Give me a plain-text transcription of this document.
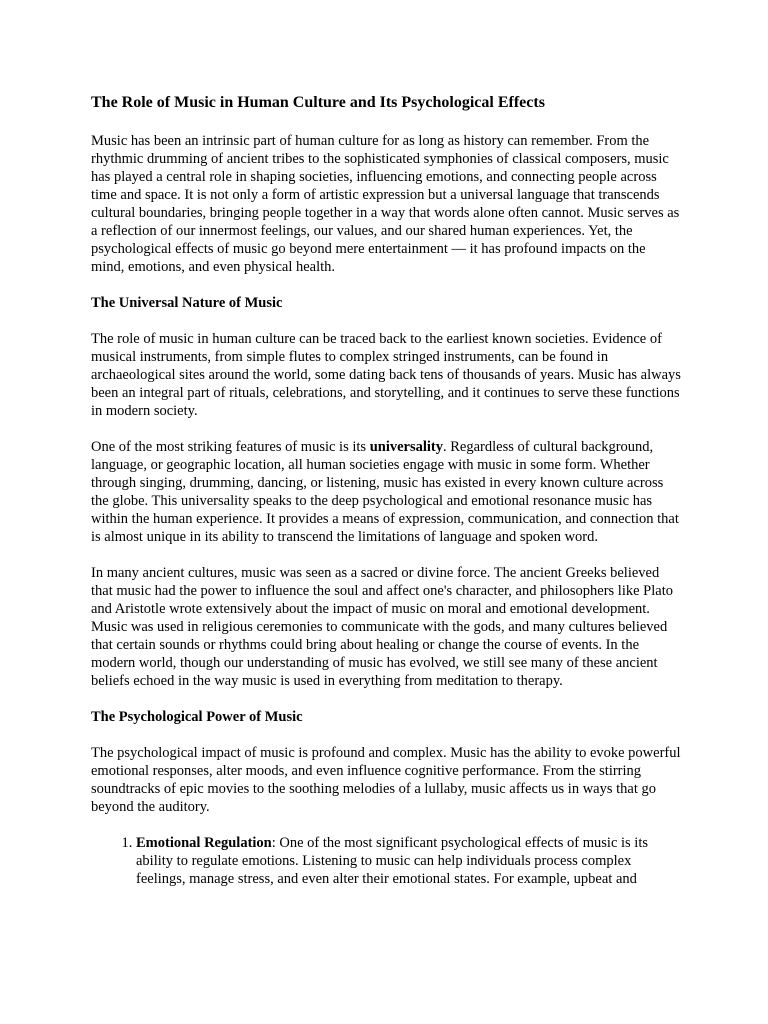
The Role of Music in Human Culture and Its Psychological Effects

Music has been an intrinsic part of human culture for as long as history can remember. From the rhythmic drumming of ancient tribes to the sophisticated symphonies of classical composers, music has played a central role in shaping societies, influencing emotions, and connecting people across time and space. It is not only a form of artistic expression but a universal language that transcends cultural boundaries, bringing people together in a way that words alone often cannot. Music serves as a reflection of our innermost feelings, our values, and our shared human experiences. Yet, the psychological effects of music go beyond mere entertainment — it has profound impacts on the mind, emotions, and even physical health.

The Universal Nature of Music

The role of music in human culture can be traced back to the earliest known societies. Evidence of musical instruments, from simple flutes to complex stringed instruments, can be found in archaeological sites around the world, some dating back tens of thousands of years. Music has always been an integral part of rituals, celebrations, and storytelling, and it continues to serve these functions in modern society.

One of the most striking features of music is its universality. Regardless of cultural background, language, or geographic location, all human societies engage with music in some form. Whether through singing, drumming, dancing, or listening, music has existed in every known culture across the globe. This universality speaks to the deep psychological and emotional resonance music has within the human experience. It provides a means of expression, communication, and connection that is almost unique in its ability to transcend the limitations of language and spoken word.

In many ancient cultures, music was seen as a sacred or divine force. The ancient Greeks believed that music had the power to influence the soul and affect one's character, and philosophers like Plato and Aristotle wrote extensively about the impact of music on moral and emotional development. Music was used in religious ceremonies to communicate with the gods, and many cultures believed that certain sounds or rhythms could bring about healing or change the course of events. In the modern world, though our understanding of music has evolved, we still see many of these ancient beliefs echoed in the way music is used in everything from meditation to therapy.

The Psychological Power of Music

The psychological impact of music is profound and complex. Music has the ability to evoke powerful emotional responses, alter moods, and even influence cognitive performance. From the stirring soundtracks of epic movies to the soothing melodies of a lullaby, music affects us in ways that go beyond the auditory.

1. Emotional Regulation: One of the most significant psychological effects of music is its ability to regulate emotions. Listening to music can help individuals process complex feelings, manage stress, and even alter their emotional states. For example, upbeat and
